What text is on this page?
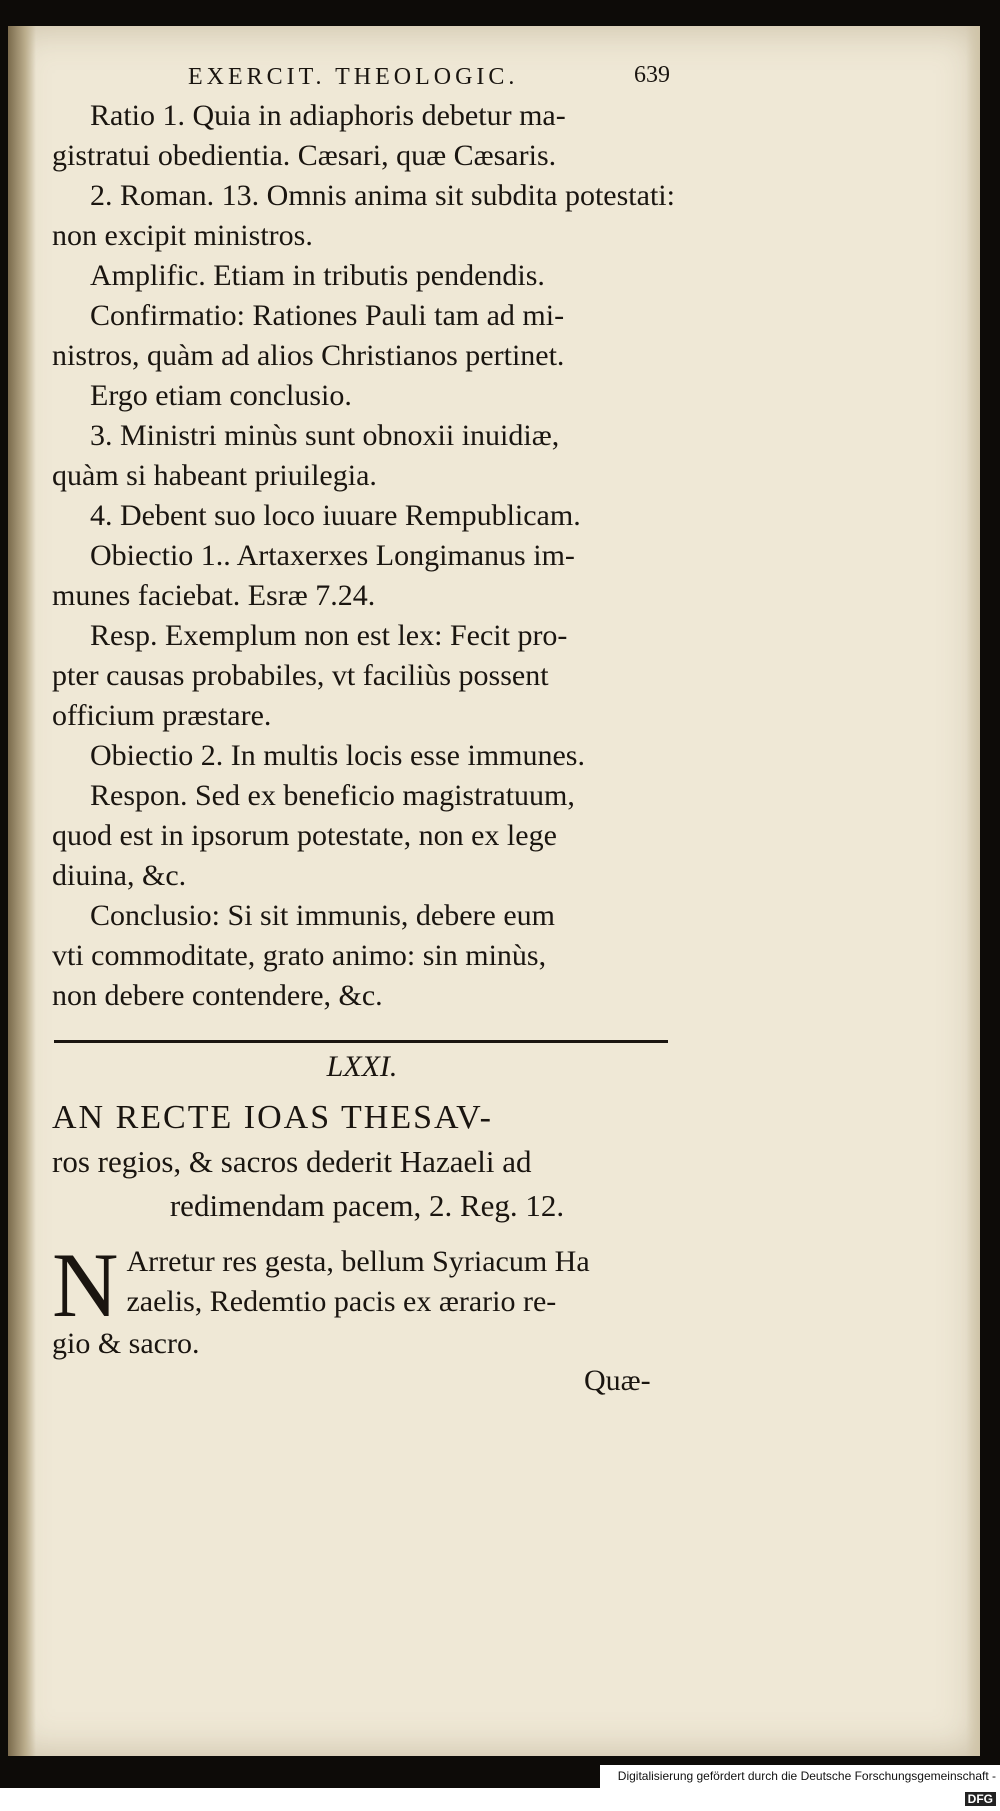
EXERCIT. THEOLOGIC.	639
Ratio 1. Quia in adiaphoris debetur ma-
gistratui obedientia. Cæsari, quæ Cæsaris.
2. Roman. 13. Omnis anima sit subdita potestati:
non excipit ministros.
Amplific. Etiam in tributis pendendis.
Confirmatio: Rationes Pauli tam ad mi-
nistros, quàm ad alios Christianos pertinet.
Ergo etiam conclusio.
3. Ministri minùs sunt obnoxii inuidiæ,
quàm si habeant priuilegia.
4. Debent suo loco iuuare Rempublicam.
Obiectio 1.. Artaxerxes Longimanus im-
munes faciebat. Esræ 7.24.
Resp. Exemplum non est lex: Fecit pro-
pter causas probabiles, vt faciliùs possent
officium præstare.
Obiectio 2. In multis locis esse immunes.
Respon. Sed ex beneficio magistratuum,
quod est in ipsorum potestate, non ex lege
diuina, &c.
Conclusio: Si sit immunis, debere eum
vti commoditate, grato animo: sin minùs,
non debere contendere, &c.
LXXI.
AN RECTE IOAS THESAV-
ros regios, & sacros dederit Hazaeli ad
redimendam pacem, 2. Reg. 12.
N Arretur res gesta, bellum Syriacum Ha
zaelis, Redemtio pacis ex ærario re-
gio & sacro.
Quæ-
Digitalisierung gefördert durch die Deutsche Forschungsgemeinschaft - DFG
